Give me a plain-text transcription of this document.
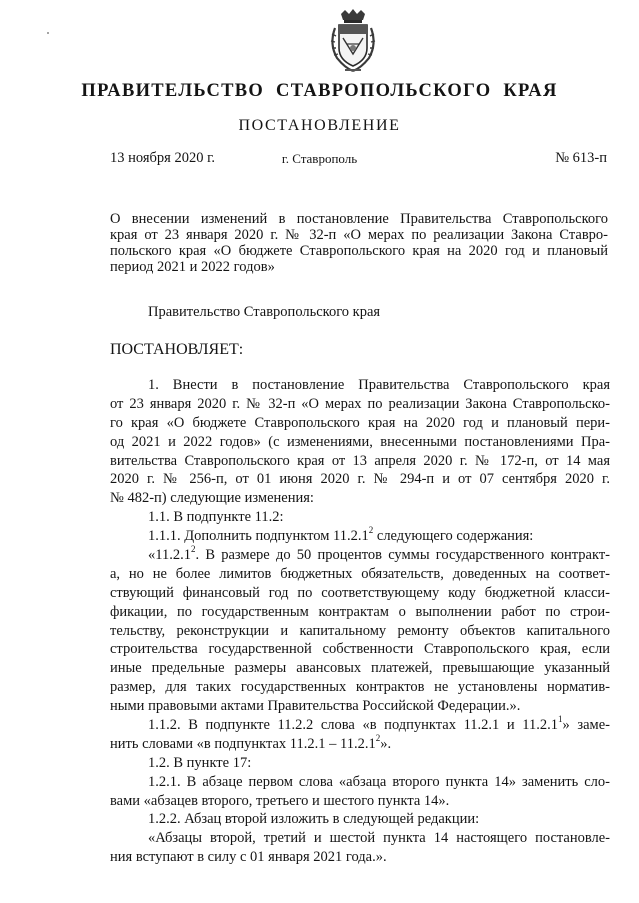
ПРАВИТЕЛЬСТВО СТАВРОПОЛЬСКОГО КРАЯ
ПОСТАНОВЛЕНИЕ
г. Ставрополь
13 ноября 2020 г.	№ 613-п
О внесении изменений в постановление Правительства Ставропольского
края от 23 января 2020 г. № 32-п «О мерах по реализации Закона Ставро-
польского края «О бюджете Ставропольского края на 2020 год и плановый
период 2021 и 2022 годов»
Правительство Ставропольского края
ПОСТАНОВЛЯЕТ:
1. Внести в постановление Правительства Ставропольского края
от 23 января 2020 г. № 32-п «О мерах по реализации Закона Ставропольско-
го края «О бюджете Ставропольского края на 2020 год и плановый пери-
од 2021 и 2022 годов» (с изменениями, внесенными постановлениями Пра-
вительства Ставропольского края от 13 апреля 2020 г. № 172-п, от 14 мая
2020 г. № 256-п, от 01 июня 2020 г. № 294-п и от 07 сентября 2020 г.
№ 482-п) следующие изменения:
1.1. В подпункте 11.2:
1.1.1. Дополнить подпунктом 11.2.1$^2$ следующего содержания:
«11.2.1$^2$. В размере до 50 процентов суммы государственного контракт-
а, но не более лимитов бюджетных обязательств, доведенных на соответ-
ствующий финансовый год по соответствующему коду бюджетной класси-
фикации, по государственным контрактам о выполнении работ по строи-
тельству, реконструкции и капитальному ремонту объектов капитального
строительства государственной собственности Ставропольского края, если
иные предельные размеры авансовых платежей, превышающие указанный
размер, для таких государственных контрактов не установлены норматив-
ными правовыми актами Правительства Российской Федерации.».
1.1.2. В подпункте 11.2.2 слова «в подпунктах 11.2.1 и 11.2.1$^1$» заме-
нить словами «в подпунктах 11.2.1 – 11.2.1$^2$».
1.2. В пункте 17:
1.2.1. В абзаце первом слова «абзаца второго пункта 14» заменить сло-
вами «абзацев второго, третьего и шестого пункта 14».
1.2.2. Абзац второй изложить в следующей редакции:
«Абзацы второй, третий и шестой пункта 14 настоящего постановле-
ния вступают в силу с 01 января 2021 года.».
